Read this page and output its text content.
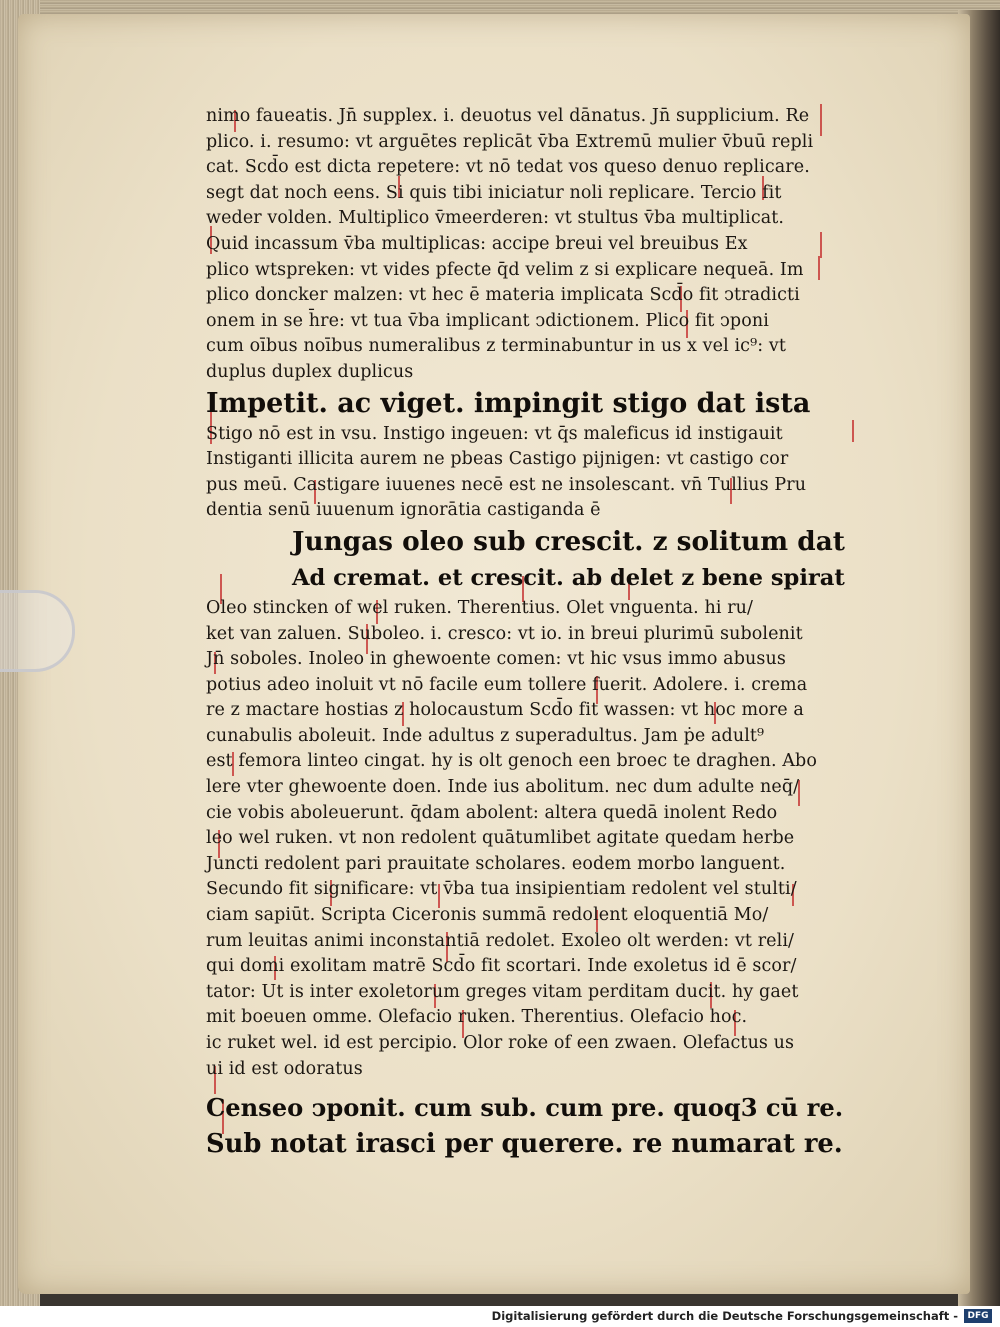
nimo faueatis. Jn̄ supplex. i. deuotus vel dānatus. Jn̄ supplicium. Re
plico. i. resumo: vt arguētes replicāt v̄ba Extremū mulier v̄buū repli
cat. Scd̄o est dicta repetere: vt nō tedat vos queso denuo replicare.
segt dat noch eens. Si quis tibi iniciatur noli replicare. Tercio fit
weder volden. Multiplico v̄meerderen: vt stultus v̄ba multiplicat.
Quid incassum v̄ba multiplicas: accipe breui vel breuibus Ex
plico wtspreken: vt vides pfecte q̄d velim z si explicare nequeā. Im
plico doncker malzen: vt hec ē materia implicata Scd̄o fit ↄtradicti
onem in se h̄re: vt tua v̄ba implicant ↄdictionem. Plico fit ↄponi
cum oībus noībus numeralibus z terminabuntur in us x vel ic⁹: vt
duplus duplex duplicus
Impetit. ac viget. impingit stigo dat ista
Stigo nō est in vsu. Instigo ingeuen: vt q̄s maleficus id instigauit
Instiganti illicita aurem ne pbeas Castigo pijnigen: vt castigo cor
pus meū. Castigare iuuenes necē est ne insolescant. vn̄ Tullius Pru
dentia senū iuuenum ignorātia castiganda ē
Jungas oleo sub crescit. z solitum dat
Ad cremat. et crescit. ab delet z bene spirat
Oleo stincken of wel ruken. Therentius. Olet vnguenta. hi ru/
ket van zaluen. Suboleo. i. cresco: vt io. in breui plurimū subolenit
Jn̄ soboles. Inoleo in ghewoente comen: vt hic vsus immo abusus
potius adeo inoluit vt nō facile eum tollere fuerit. Adolere. i. crema
re z mactare hostias z holocaustum Scd̄o fit wassen: vt hoc more a
cunabulis aboleuit. Inde adultus z superadultus. Jam ṗe adult⁹
est femora linteo cingat. hy is olt genoch een broec te draghen. Abo
lere vter ghewoente doen. Inde ius abolitum. nec dum adulte neq̄/
cie vobis aboleuerunt. q̄dam abolent: altera quedā inolent Redo
leo wel ruken. vt non redolent quātumlibet agitate quedam herbe
Juncti redolent pari prauitate scholares. eodem morbo languent.
Secundo fit significare: vt v̄ba tua insipientiam redolent vel stulti/
ciam sapiūt. Scripta Ciceronis summā redolent eloquentiā Mo/
rum leuitas animi inconstantiā redolet. Exoleo olt werden: vt reli/
qui domi exolitam matrē Scd̄o fit scortari. Inde exoletus id ē scor/
tator: Ut is inter exoletorum greges vitam perditam ducit. hy gaet
mit boeuen omme. Olefacio ruken. Therentius. Olefacio hoc.
ic ruket wel. id est percipio. Olor roke of een zwaen. Olefactus us
ui id est odoratus
Censeo ↄponit. cum sub. cum pre. quoq3 cū re.
Sub notat irasci per querere. re numarat re.
Digitalisierung gefördert durch die Deutsche Forschungsgemeinschaft -	DFG
